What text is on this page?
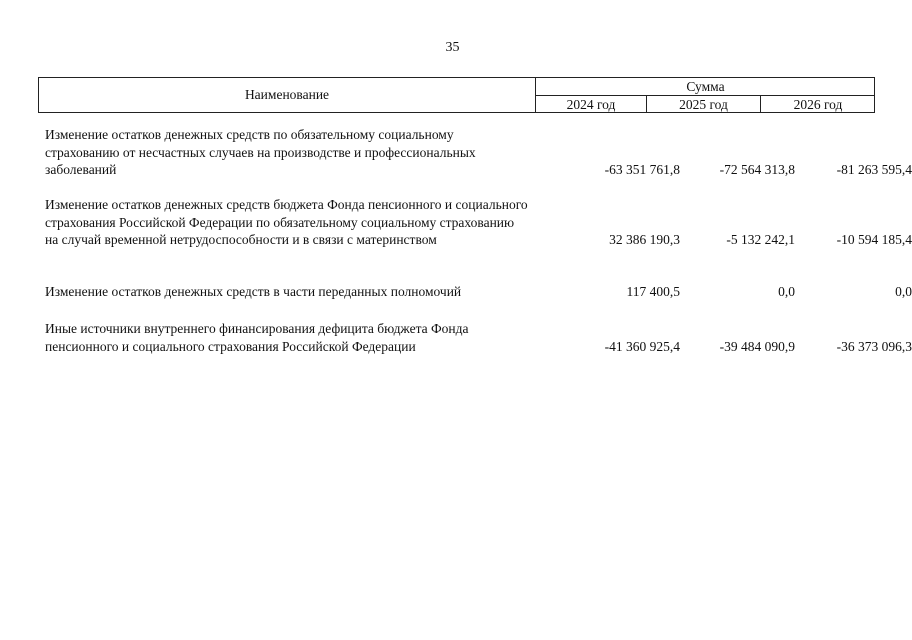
35
Наименование
Сумма
2024 год	2025 год	2026 год
Изменение остатков денежных средств по обязательному социальному страхованию от несчастных случаев на производстве и профессиональных заболеваний	-63 351 761,8	-72 564 313,8	-81 263 595,4
Изменение остатков денежных средств бюджета Фонда пенсионного и социального страхования Российской Федерации по обязательному социальному страхованию на случай временной нетрудоспособности и в связи с материнством	32 386 190,3	-5 132 242,1	-10 594 185,4
Изменение остатков денежных средств в части переданных полномочий	117 400,5	0,0	0,0
Иные источники внутреннего финансирования дефицита бюджета Фонда пенсионного и социального страхования Российской Федерации	-41 360 925,4	-39 484 090,9	-36 373 096,3
